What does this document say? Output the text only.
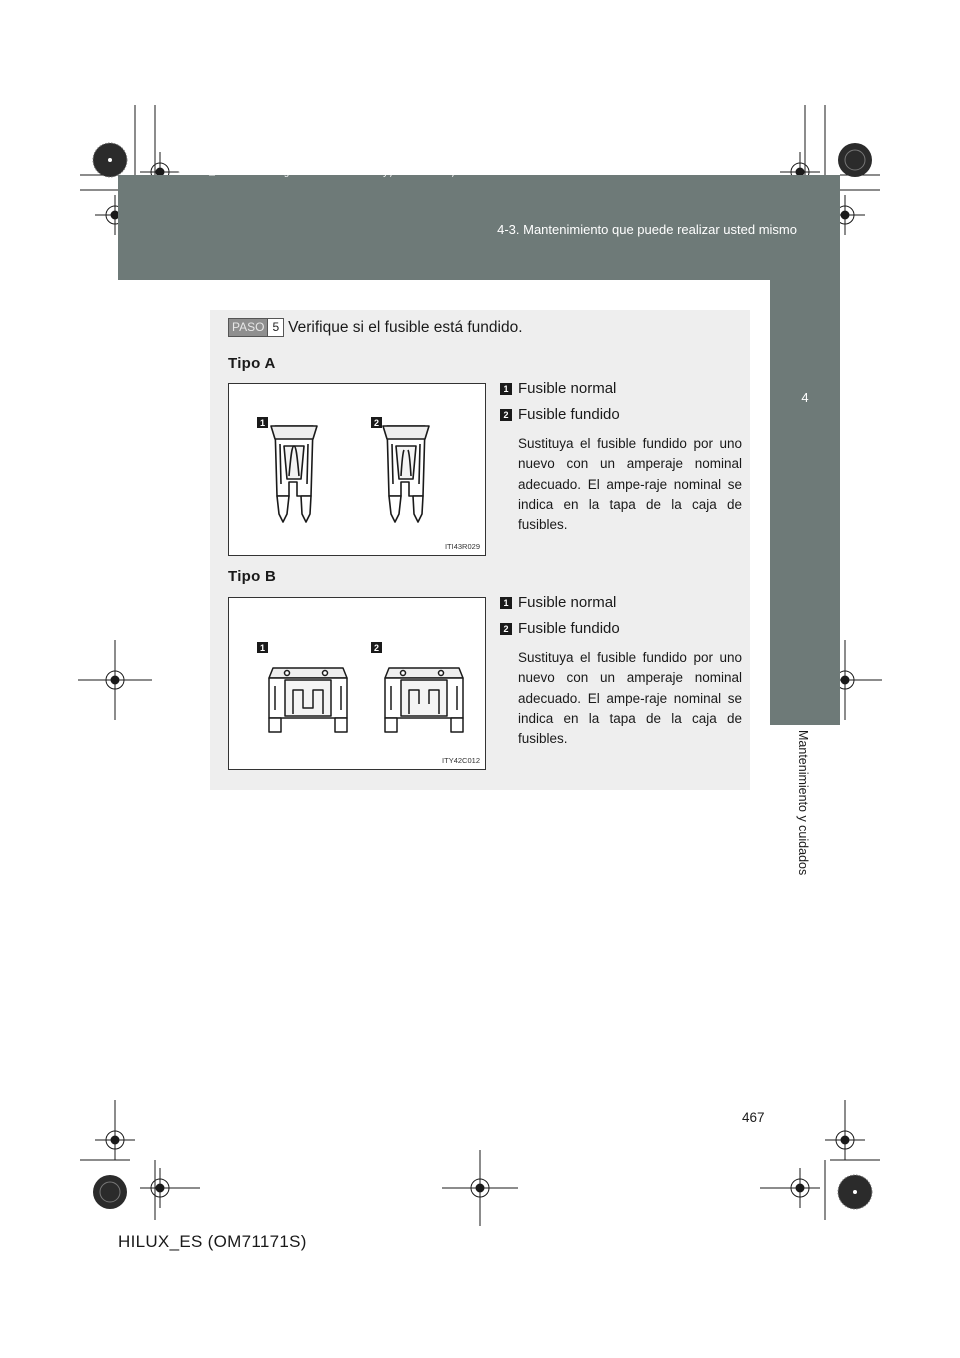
HILUX_ES.book  Page 467  Wednesday, March 23, 2011  4:15 PM
4-3. Mantenimiento que puede realizar usted mismo
4
Mantenimiento y cuidados
PASO 5 Verifique si el fusible está fundido.
Tipo A
1	2
ITI43R029
1 Fusible normal
2 Fusible fundido
Sustituya el fusible fundido por uno nuevo con un amperaje nominal adecuado. El ampe-raje nominal se indica en la tapa de la caja de fusibles.
Tipo B
1	2
ITY42C012
1 Fusible normal
2 Fusible fundido
Sustituya el fusible fundido por uno nuevo con un amperaje nominal adecuado. El ampe-raje nominal se indica en la tapa de la caja de fusibles.
467
HILUX_ES (OM71171S)
